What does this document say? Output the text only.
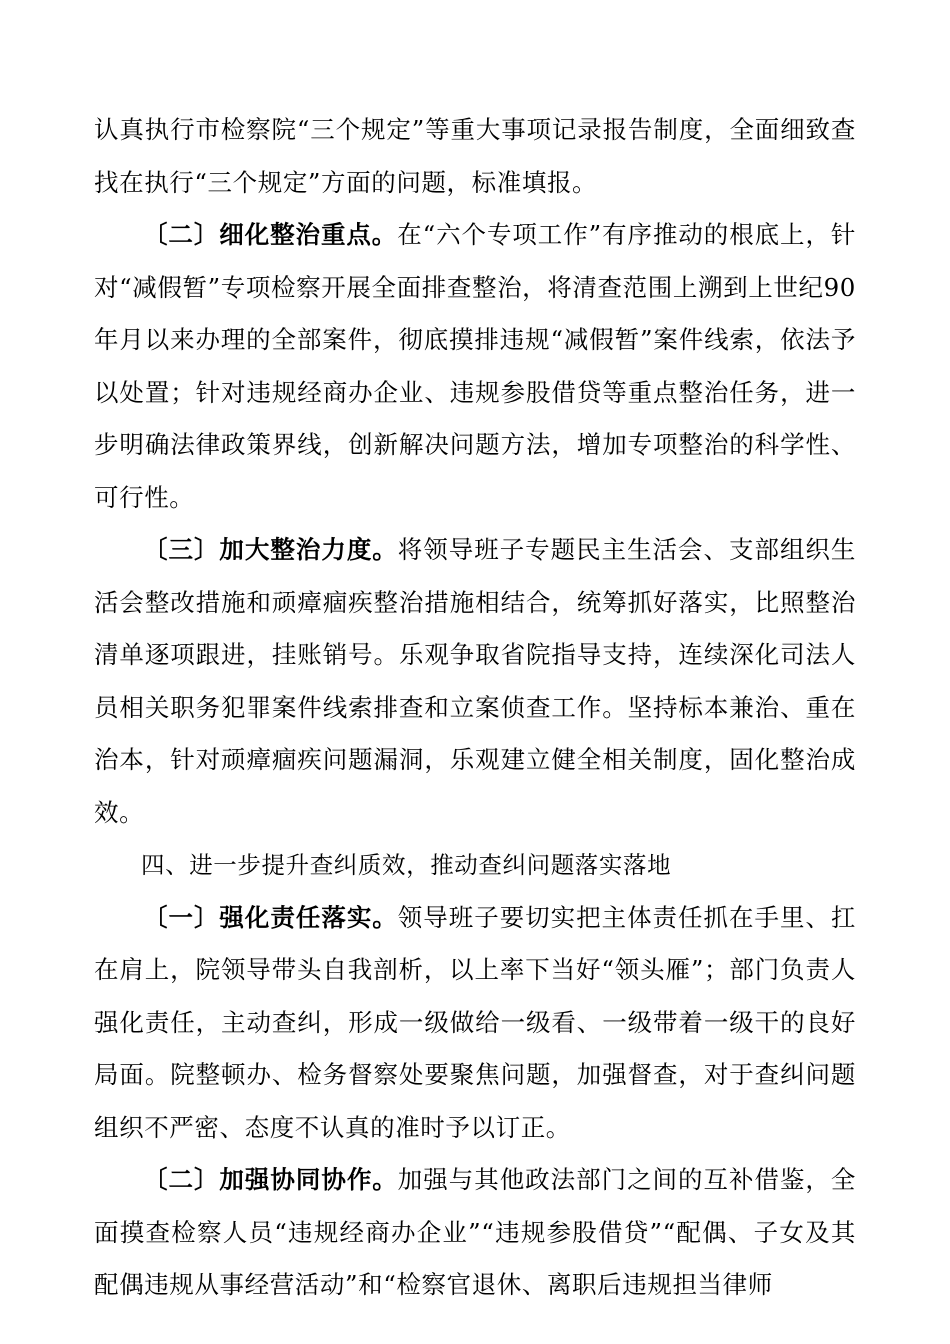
认真执行市检察院“三个规定”等重大事项记录报告制度，全面细致查找在执行“三个规定”方面的问题，标准填报。

〔二〕细化整治重点。在“六个专项工作”有序推动的根底上，针对“减假暂”专项检察开展全面排查整治，将清查范围上溯到上世纪90年月以来办理的全部案件，彻底摸排违规“减假暂”案件线索，依法予以处置；针对违规经商办企业、违规参股借贷等重点整治任务，进一步明确法律政策界线，创新解决问题方法，增加专项整治的科学性、可行性。

〔三〕加大整治力度。将领导班子专题民主生活会、支部组织生活会整改措施和顽瘴痼疾整治措施相结合，统筹抓好落实，比照整治清单逐项跟进，挂账销号。乐观争取省院指导支持，连续深化司法人员相关职务犯罪案件线索排查和立案侦查工作。坚持标本兼治、重在治本，针对顽瘴痼疾问题漏洞，乐观建立健全相关制度，固化整治成效。

四、进一步提升查纠质效，推动查纠问题落实落地

〔一〕强化责任落实。领导班子要切实把主体责任抓在手里、扛在肩上，院领导带头自我剖析，以上率下当好“领头雁”；部门负责人强化责任，主动查纠，形成一级做给一级看、一级带着一级干的良好局面。院整顿办、检务督察处要聚焦问题，加强督查，对于查纠问题组织不严密、态度不认真的准时予以订正。

〔二〕加强协同协作。加强与其他政法部门之间的互补借鉴，全面摸查检察人员“违规经商办企业”“违规参股借贷”“配偶、子女及其配偶违规从事经营活动”和“检察官退休、离职后违规担当律师
